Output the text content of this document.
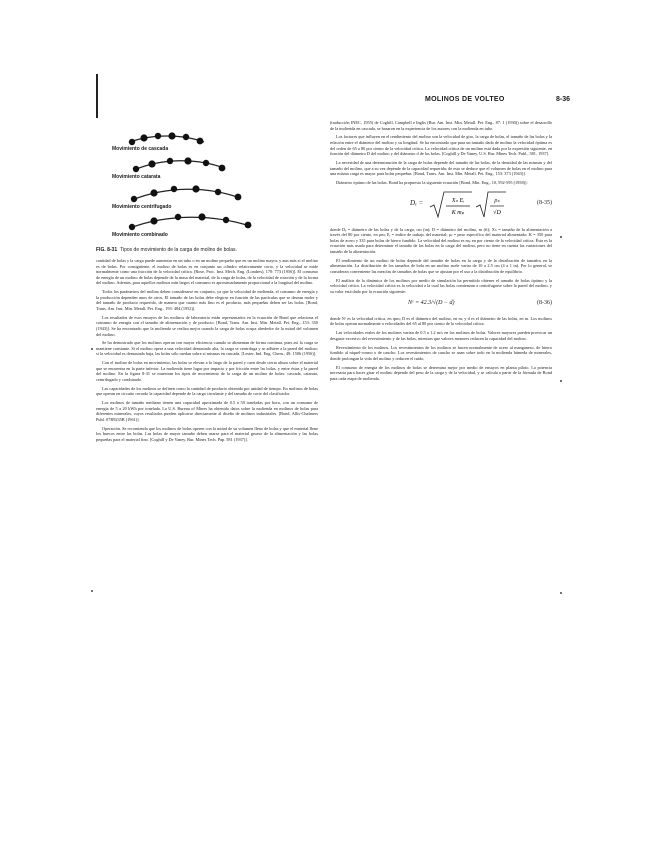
MOLINOS DE VOLTEO	8-36
Movimiento de cascada
Movimiento catarata
Movimiento centrifugado
Movimiento combinado
FIG. 8-31 Tipos de movimiento de la carga de molino de bolas.

cantidad de bolas y la carga puede aumentar en un tubo o en un molino pequeño que en un molino mayor, y aun más si el molino es de bolas. Por consiguiente, el molino de bolas es en conjunto un cilindro relativamente corto, y la velocidad se mide normalmente como una fracción de la velocidad crítica. [Rose, Proc. Inst. Mech. Eng. (Londres), 170: 773 (1956)]. El consumo de energía de un molino de bolas depende de la masa del material, de la carga de bolas, de la velocidad de rotación y de la forma del molino. Además, para aquellos molinos más largos el consumo es aproximadamente proporcional a la longitud del molino.

Todos los parámetros del molino deben considerarse en conjunto, ya que la velocidad de molienda, el consumo de energía y la producción dependen unos de otros. El tamaño de las bolas debe elegirse en función de las partículas que se desean moler y del tamaño de producto requerido, de manera que cuanto más fino es el producto, más pequeñas deben ser las bolas. [Bond, Trans. Am. Inst. Min. Metall. Pet. Eng., 193: 484 (1952)].

Los resultados de esos ensayos de los molinos de laboratorio están representados en la ecuación de Bond que relaciona el consumo de energía con el tamaño de alimentación y de producto. [Bond, Trans. Am. Inst. Min. Metall. Pet. Eng., 153: 350 (1943)]. Se ha encontrado que la molienda se realiza mejor cuando la carga de bolas ocupa alrededor de la mitad del volumen del molino.

Se ha demostrado que los molinos operan con mayor eficiencia cuando se alimentan de forma continua, pues así la carga se mantiene constante. Si el molino opera a una velocidad demasiado alta, la carga se centrifuga y se adhiere a la pared del molino; si la velocidad es demasiado baja, las bolas sólo ruedan sobre sí mismas en cascada. [Lester, Ind. Eng. Chem., 48: 1506 (1956)].

Con el molino de bolas en movimiento, las bolas se elevan a lo largo de la pared y caen desde cierta altura sobre el material que se encuentra en la parte inferior. La molienda tiene lugar por impacto y por fricción entre las bolas, y entre éstas y la pared del molino. En la figura 8-31 se muestran los tipos de movimiento de la carga de un molino de bolas: cascada, catarata, centrifugado y combinado.

Las capacidades de los molinos se definen como la cantidad de producto obtenida por unidad de tiempo. En molinos de bolas que operan en circuito cerrado la capacidad depende de la carga circulante y del tamaño de corte del clasificador.

Los molinos de tamaño mediano tienen una capacidad aproximada de 0.5 a 50 toneladas por hora, con un consumo de energía de 5 a 20 kWh por tonelada. La U.S. Bureau of Mines ha obtenido datos sobre la molienda en molinos de bolas para diferentes minerales, cuyos resultados pueden aplicarse directamente al diseño de molinos industriales. [Bond, Allis-Chalmers Publ. 07R9235B (1961)].

Operación. Se recomienda que los molinos de bolas operen con la mitad de su volumen lleno de bolas y que el material llene los huecos entre las bolas. Las bolas de mayor tamaño deben usarse para el material grueso de la alimentación y las bolas pequeñas para el material fino. [Coghill y De Vaney, Bur. Mines Tech. Pap. 581 (1937)].

(traducción INEC, 1955) de Coghill, Campbell e Inglis (Bur. Am. Inst. Min. Metall. Pet. Eng., 87: 1 (1930)) sobre el desarrollo de la molienda en cascada, se basaron en la experiencia de los autores con la molienda en tubo.

Los factores que influyen en el rendimiento del molino son la velocidad de giro, la carga de bolas, el tamaño de las bolas y la relación entre el diámetro del molino y su longitud. Se ha encontrado que para un tamaño dado de molino la velocidad óptima es del orden de 65 a 80 por ciento de la velocidad crítica. La velocidad crítica de un molino está dada por la expresión siguiente, en función del diámetro D del molino y del diámetro d de las bolas. [Coghill y De Vaney, U.S. Bur. Mines Tech. Publ., 581, 1937].

La necesidad de una determinación de la carga de bolas depende del tamaño de las bolas, de la densidad de las mismas y del tamaño del molino, que a su vez depende de la capacidad requerida; de esto se deduce que el volumen de bolas en el molino para una misma carga es mayor para bolas pequeñas. [Bond, Trans. Am. Inst. Min. Metall. Pet. Eng., 153: 373 (1943)].

Diámetro óptimo de las bolas. Bond ha propuesto la siguiente ecuación [Bond, Min. Eng., 10, 592-595 (1958)]:

Dₑ =	Xₙ Eᵢ
K mₚ
ρₛ
√D
(8-35)

donde Dₑ = diámetro de las bolas y de la carga, cm (in); D = diámetro del molino, m (ft); Xₙ = tamaño de la alimentación a través del 80 por ciento, en μm; Eᵢ = índice de trabajo del material; ρₛ = peso específico del material alimentado; K = 350 para bolas de acero y 335 para bolas de hierro fundido. La velocidad del molino es mₚ en por ciento de la velocidad crítica. Ésta es la ecuación más usada para determinar el tamaño de las bolas en la carga del molino, pero no tiene en cuenta las variaciones del tamaño de la alimentación.

El rendimiento de un molino de bolas depende del tamaño de bolas en la carga y de la distribución de tamaños en la alimentación. La distribución de los tamaños de bola en un molino suele variar de 10 a 2.5 cm (4 a 1 in). Por lo general, se consideran conveniente las mezclas de tamaños de bolas que se ajustan por el uso a la distribución de equilibrio.

El análisis de la dinámica de los molinos por medio de simulación ha permitido obtener el tamaño de bolas óptimo y la velocidad crítica. La velocidad crítica es la velocidad a la cual las bolas comienzan a centrifugarse sobre la pared del molino, y su valor está dado por la ecuación siguiente:

Nᶜ = 42.3/√(D − d)	(8-36)

donde Nᶜ es la velocidad crítica, en rpm; D es el diámetro del molino, en m; y d es el diámetro de las bolas, en m. Los molinos de bolas operan normalmente a velocidades del 65 al 80 por ciento de la velocidad crítica.

Las velocidades reales de los molinos varían de 0.5 a 1.2 m/s en los molinos de bolas. Valores mayores pueden provocar un desgaste excesivo del revestimiento y de las bolas, mientras que valores menores reducen la capacidad del molino.

Revestimiento de los molinos. Los revestimientos de los molinos se hacen normalmente de acero al manganeso, de hierro fundido al níquel-cromo o de caucho. Los revestimientos de caucho se usan sobre todo en la molienda húmeda de minerales, donde prolongan la vida del molino y reducen el ruido.

El consumo de energía de los molinos de bolas se determina mejor por medio de ensayos en planta piloto. La potencia necesaria para hacer girar el molino depende del peso de la carga y de la velocidad, y se calcula a partir de la fórmula de Bond para cada etapa de molienda.
